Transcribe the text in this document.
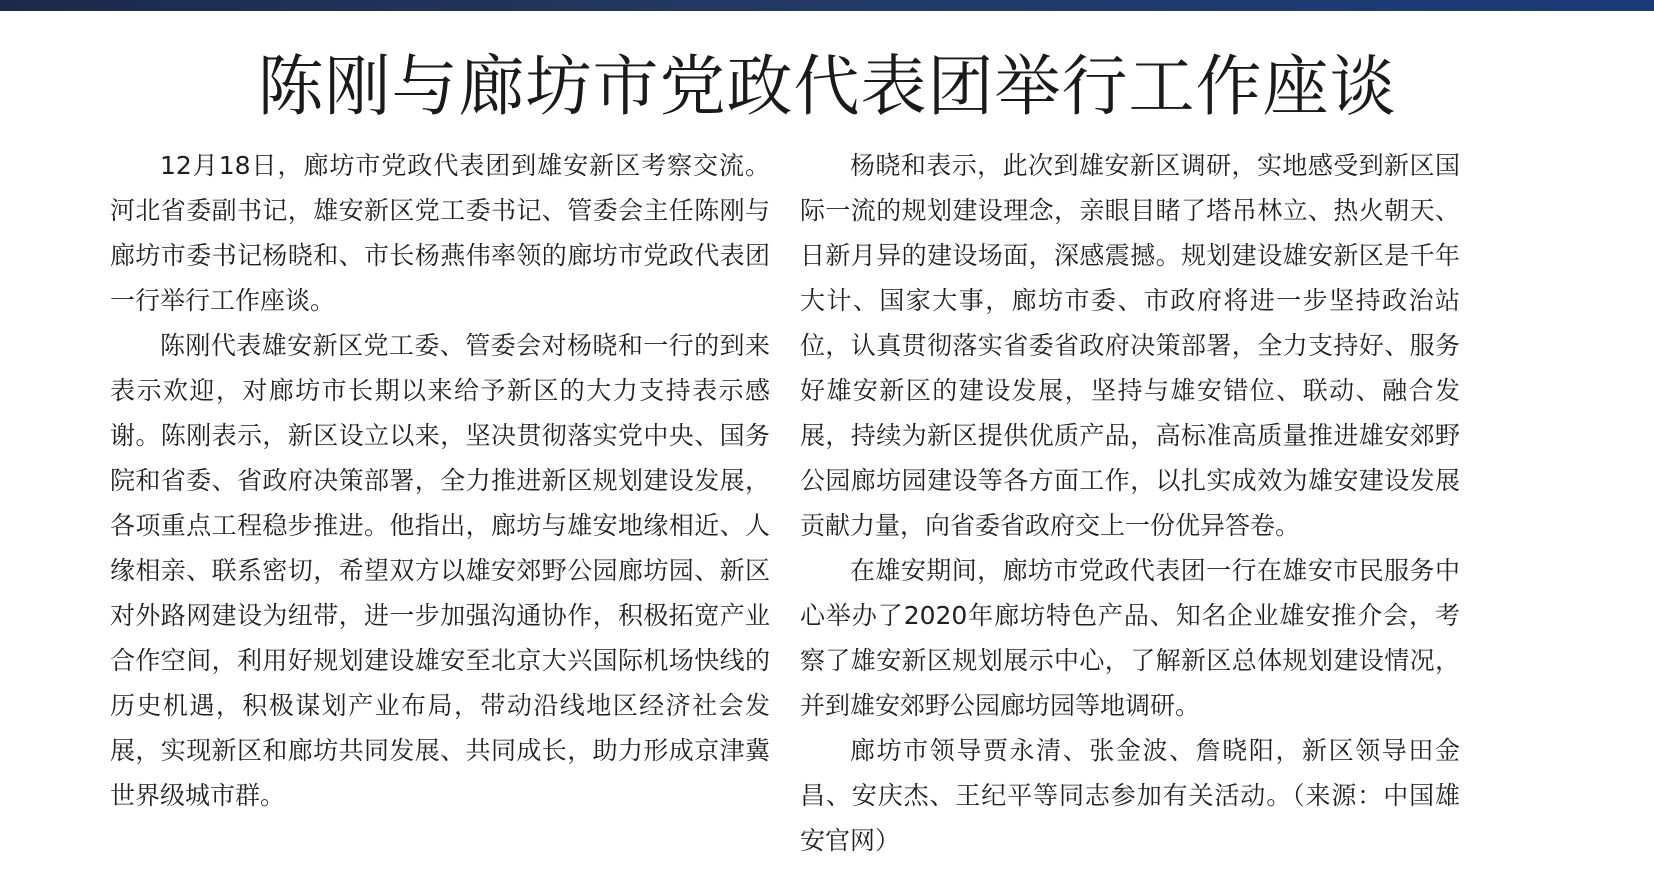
陈刚与廊坊市党政代表团举行工作座谈

12月18日，廊坊市党政代表团到雄安新区考察交流。河北省委副书记，雄安新区党工委书记、管委会主任陈刚与廊坊市委书记杨晓和、市长杨燕伟率领的廊坊市党政代表团一行举行工作座谈。

陈刚代表雄安新区党工委、管委会对杨晓和一行的到来表示欢迎，对廊坊市长期以来给予新区的大力支持表示感谢。陈刚表示，新区设立以来，坚决贯彻落实党中央、国务院和省委、省政府决策部署，全力推进新区规划建设发展，各项重点工程稳步推进。他指出，廊坊与雄安地缘相近、人缘相亲、联系密切，希望双方以雄安郊野公园廊坊园、新区对外路网建设为纽带，进一步加强沟通协作，积极拓宽产业合作空间，利用好规划建设雄安至北京大兴国际机场快线的历史机遇，积极谋划产业布局，带动沿线地区经济社会发展，实现新区和廊坊共同发展、共同成长，助力形成京津冀世界级城市群。

杨晓和表示，此次到雄安新区调研，实地感受到新区国际一流的规划建设理念，亲眼目睹了塔吊林立、热火朝天、日新月异的建设场面，深感震撼。规划建设雄安新区是千年大计、国家大事，廊坊市委、市政府将进一步坚持政治站位，认真贯彻落实省委省政府决策部署，全力支持好、服务好雄安新区的建设发展，坚持与雄安错位、联动、融合发展，持续为新区提供优质产品，高标准高质量推进雄安郊野公园廊坊园建设等各方面工作，以扎实成效为雄安建设发展贡献力量，向省委省政府交上一份优异答卷。

在雄安期间，廊坊市党政代表团一行在雄安市民服务中心举办了2020年廊坊特色产品、知名企业雄安推介会，考察了雄安新区规划展示中心，了解新区总体规划建设情况，并到雄安郊野公园廊坊园等地调研。

廊坊市领导贾永清、张金波、詹晓阳，新区领导田金昌、安庆杰、王纪平等同志参加有关活动。（来源：中国雄安官网）
